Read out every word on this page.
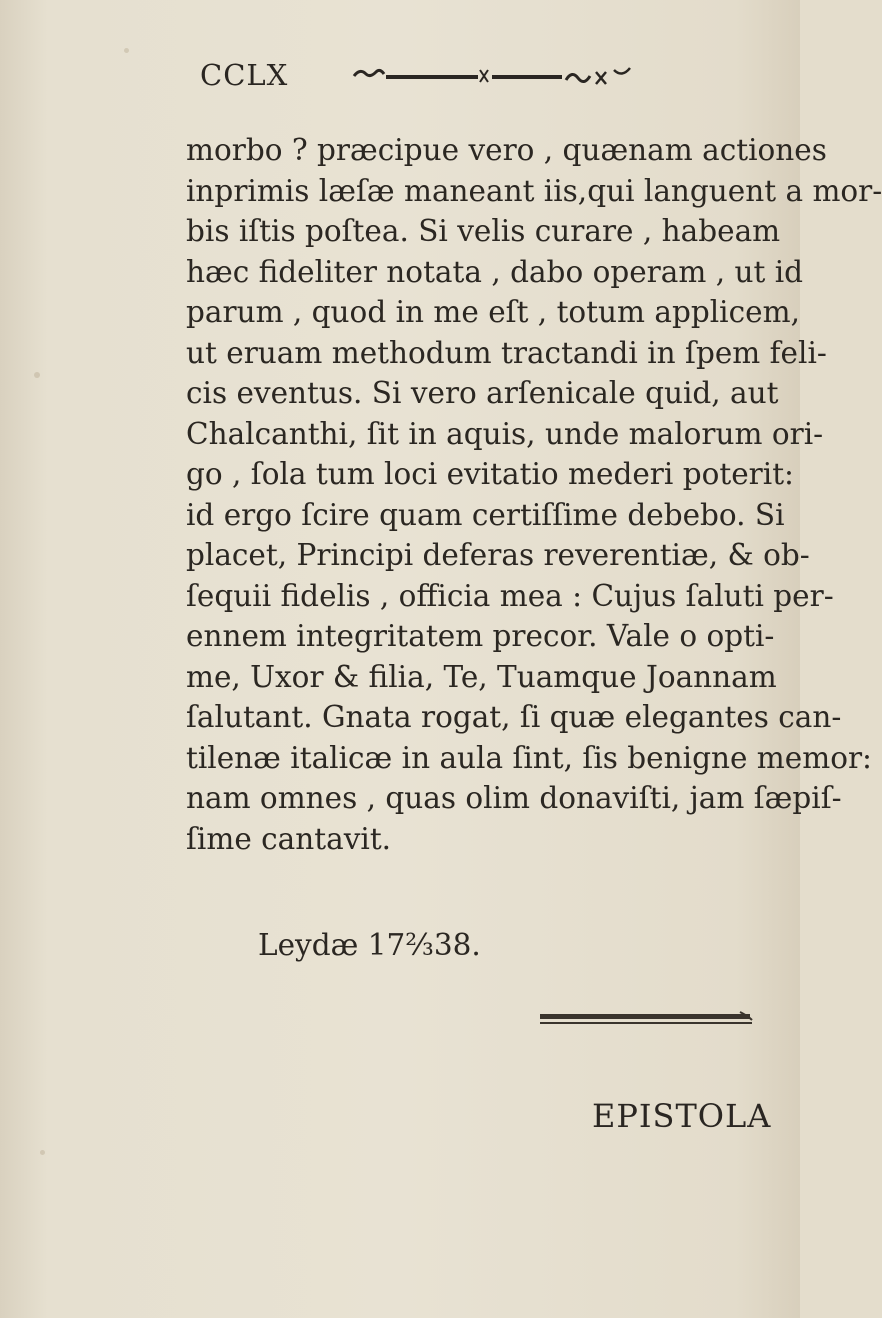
CCLX
morbo ? præcipue vero , quænam actiones
inprimis læſæ maneant iis,qui languent a mor-
bis iſtis poſtea. Si velis curare , habeam
hæc fideliter notata , dabo operam , ut id
parum , quod in me eſt , totum applicem,
ut eruam methodum tractandi in ſpem feli-
cis eventus. Si vero arſenicale quid, aut
Chalcanthi, ſit in aquis, unde malorum ori-
go , ſola tum loci evitatio mederi poterit:
id ergo ſcire quam certiſſime debebo. Si
placet, Principi deferas reverentiæ, & ob-
ſequii fidelis , officia mea : Cujus ſaluti per-
ennem integritatem precor. Vale o opti-
me, Uxor & filia, Te, Tuamque Joannam
ſalutant. Gnata rogat, ſi quæ elegantes can-
tilenæ italicæ in aula ſint, ſis benigne memor:
nam omnes , quas olim donaviſti, jam ſæpiſ-
ſime cantavit.
Leydæ 17⅔38.
EPISTOLA
